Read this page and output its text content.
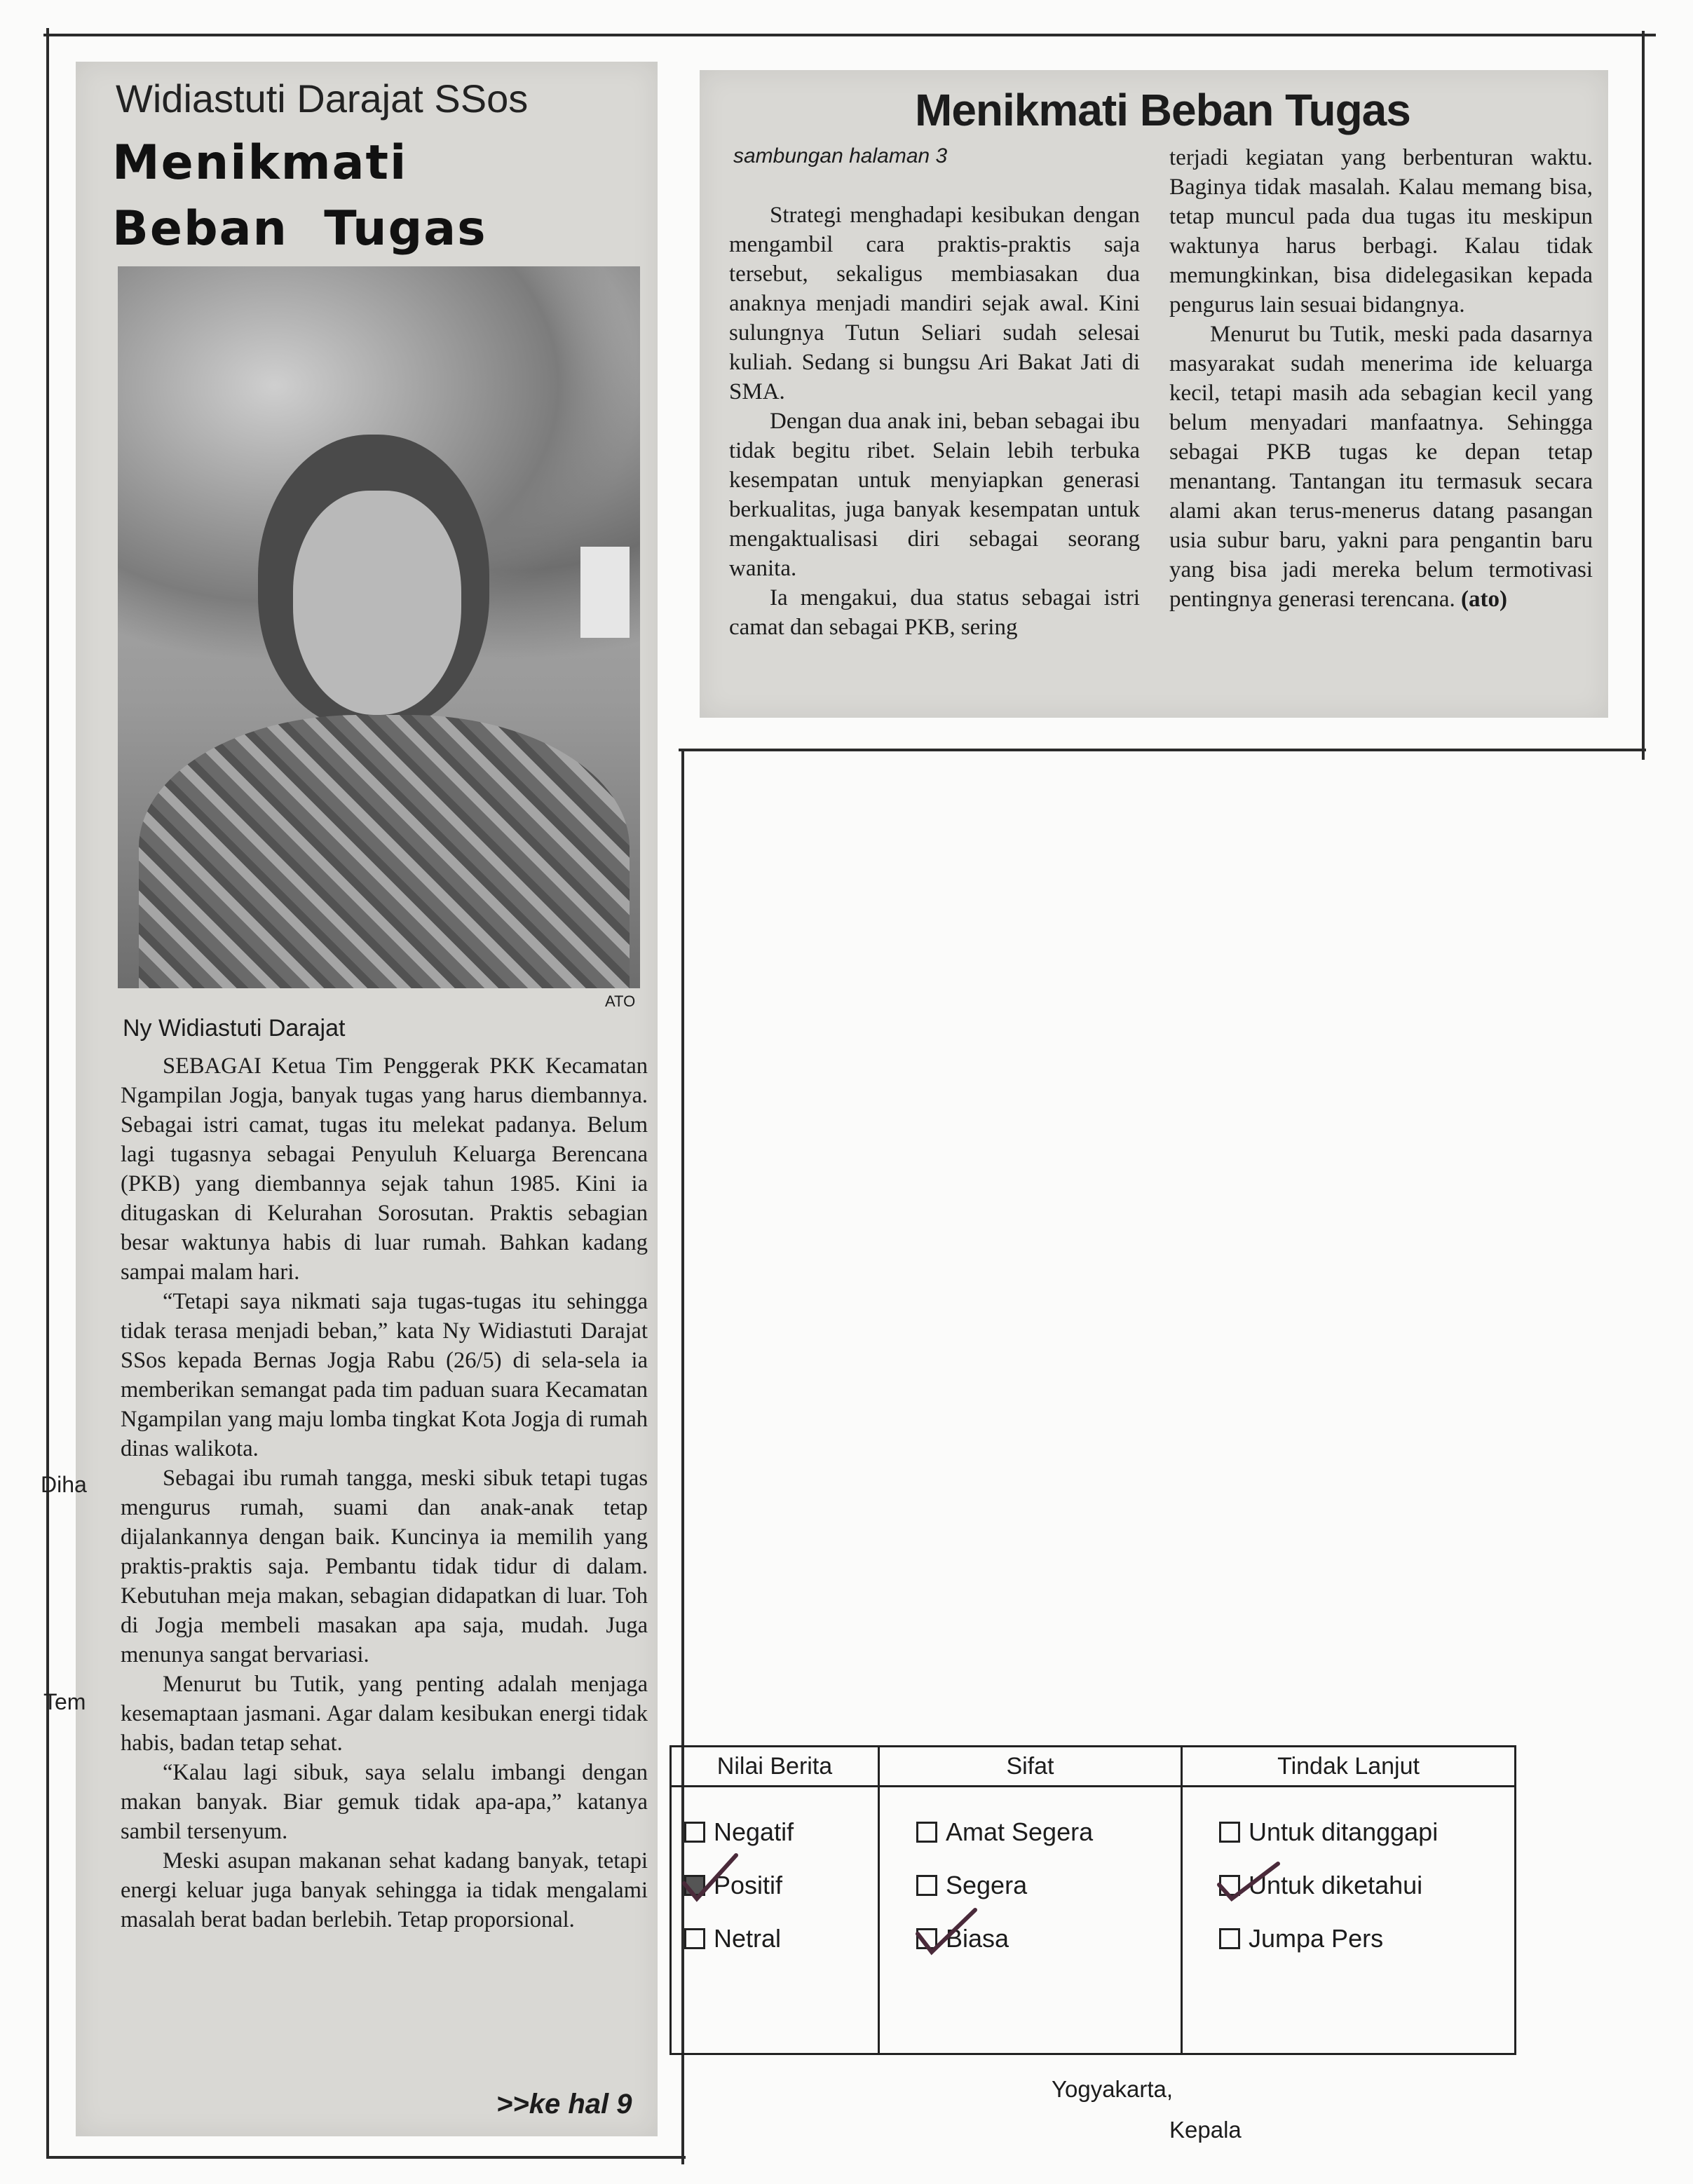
Widiastuti Darajat SSos
Menikmati
Beban  Tugas
ATO
Ny Widiastuti Darajat

SEBAGAI Ketua Tim Penggerak PKK Kecamatan Ngampilan Jogja, banyak tugas yang harus diembannya. Sebagai istri camat, tugas itu melekat padanya. Belum lagi tugasnya sebagai Penyuluh Keluarga Berencana (PKB) yang diembannya sejak tahun 1985. Kini ia ditugaskan di Kelurahan Sorosutan. Praktis sebagian besar waktunya habis di luar rumah. Bahkan kadang sampai malam hari.

“Tetapi saya nikmati saja tugas-tugas itu sehingga tidak terasa menjadi beban,” kata Ny Widiastuti Darajat SSos kepada Bernas Jogja Rabu (26/5) di sela-sela ia memberikan semangat pada tim paduan suara Kecamatan Ngampilan yang maju lomba tingkat Kota Jogja di rumah dinas walikota.

Sebagai ibu rumah tangga, meski sibuk tetapi tugas mengurus rumah, suami dan anak-anak tetap dijalankannya dengan baik. Kuncinya ia memilih yang praktis-praktis saja. Pembantu tidak tidur di dalam. Kebutuhan meja makan, sebagian didapatkan di luar. Toh di Jogja membeli masakan apa saja, mudah. Juga menunya sangat bervariasi.

Menurut bu Tutik, yang penting adalah menjaga kesemaptaan jasmani. Agar dalam kesibukan energi tidak habis, badan tetap sehat.

“Kalau lagi sibuk, saya selalu imbangi dengan makan banyak. Biar gemuk tidak apa-apa,” katanya sambil tersenyum.

Meski asupan makanan sehat kadang banyak, tetapi energi keluar juga banyak sehingga ia tidak mengalami masalah berat badan berlebih. Tetap proporsional.

>>ke hal 9
Menikmati Beban Tugas
sambungan halaman 3

Strategi menghadapi kesibukan dengan mengambil cara praktis-praktis saja tersebut, sekaligus membiasakan dua anaknya menjadi mandiri sejak awal. Kini sulungnya Tutun Seliari sudah selesai kuliah. Sedang si bungsu Ari Bakat Jati di SMA.

Dengan dua anak ini, beban sebagai ibu tidak begitu ribet. Selain lebih terbuka kesempatan untuk menyiapkan generasi berkualitas, juga banyak kesempatan untuk mengaktualisasi diri sebagai seorang wanita.

Ia mengakui, dua status sebagai istri camat dan sebagai PKB, sering

terjadi kegiatan yang berbenturan waktu. Baginya tidak masalah. Kalau memang bisa, tetap muncul pada dua tugas itu meskipun waktunya harus berbagi. Kalau tidak memungkinkan, bisa didelegasikan kepada pengurus lain sesuai bidangnya.

Menurut bu Tutik, meski pada dasarnya masyarakat sudah menerima ide keluarga kecil, tetapi masih ada sebagian kecil yang belum menyadari manfaatnya. Sehingga sebagai PKB tugas ke depan tetap menantang. Tantangan itu termasuk secara alami akan terus-menerus datang pasangan usia subur baru, yakni para pengantin baru yang bisa jadi mereka belum termotivasi pentingnya generasi terencana. (ato)

Diha
Tem
Nilai Berita
Negatif
Positif
Netral
Sifat
Amat Segera
Segera
Biasa
Tindak Lanjut
Untuk ditanggapi
Untuk diketahui
Jumpa Pers
Yogyakarta,
Kepala
